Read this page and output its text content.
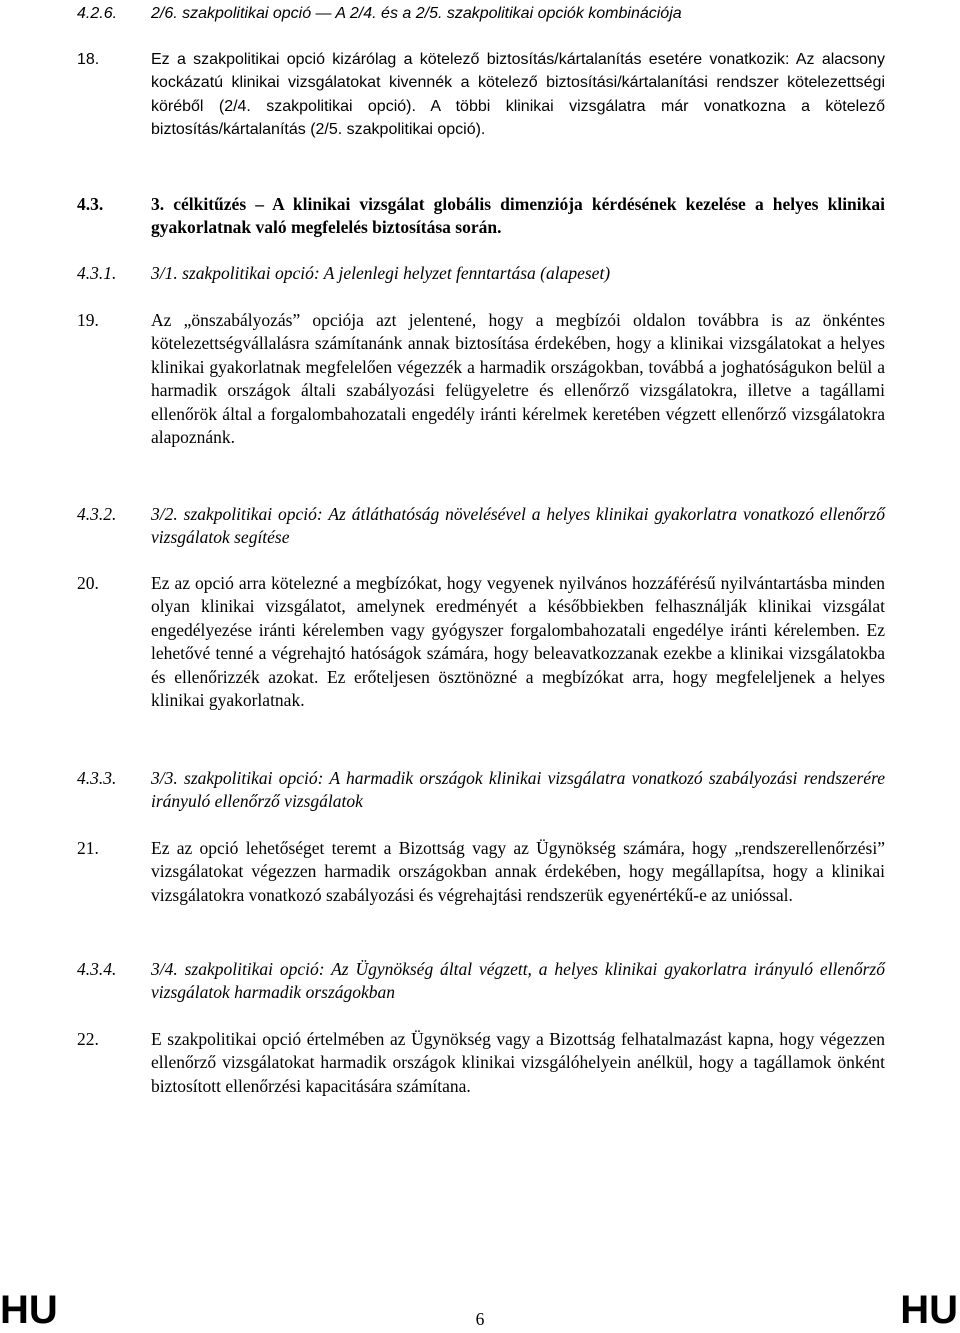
4.2.6. 2/6. szakpolitikai opció — A 2/4. és a 2/5. szakpolitikai opciók kombinációja
18.	Ez a szakpolitikai opció kizárólag a kötelező biztosítás/kártalanítás esetére vonatkozik: Az alacsony kockázatú klinikai vizsgálatokat kivennék a kötelező biztosítási/kártalanítási rendszer kötelezettségi köréből (2/4. szakpolitikai opció). A többi klinikai vizsgálatra már vonatkozna a kötelező biztosítás/kártalanítás (2/5. szakpolitikai opció).
4.3.	3. célkitűzés – A klinikai vizsgálat globális dimenziója kérdésének kezelése a helyes klinikai gyakorlatnak való megfelelés biztosítása során.
4.3.1. 3/1. szakpolitikai opció: A jelenlegi helyzet fenntartása (alapeset)
19.	Az „önszabályozás” opciója azt jelentené, hogy a megbízói oldalon továbbra is az önkéntes kötelezettségvállalásra számítanánk annak biztosítása érdekében, hogy a klinikai vizsgálatokat a helyes klinikai gyakorlatnak megfelelően végezzék a harmadik országokban, továbbá a joghatóságukon belül a harmadik országok általi szabályozási felügyeletre és ellenőrző vizsgálatokra, illetve a tagállami ellenőrök által a forgalombahozatali engedély iránti kérelmek keretében végzett ellenőrző vizsgálatokra alapoznánk.
4.3.2. 3/2. szakpolitikai opció: Az átláthatóság növelésével a helyes klinikai gyakorlatra vonatkozó ellenőrző vizsgálatok segítése
20.	Ez az opció arra kötelezné a megbízókat, hogy vegyenek nyilvános hozzáférésű nyilvántartásba minden olyan klinikai vizsgálatot, amelynek eredményét a későbbiekben felhasználják klinikai vizsgálat engedélyezése iránti kérelemben vagy gyógyszer forgalombahozatali engedélye iránti kérelemben. Ez lehetővé tenné a végrehajtó hatóságok számára, hogy beleavatkozzanak ezekbe a klinikai vizsgálatokba és ellenőrizzék azokat. Ez erőteljesen ösztönözné a megbízókat arra, hogy megfeleljenek a helyes klinikai gyakorlatnak.
4.3.3. 3/3. szakpolitikai opció: A harmadik országok klinikai vizsgálatra vonatkozó szabályozási rendszerére irányuló ellenőrző vizsgálatok
21.	Ez az opció lehetőséget teremt a Bizottság vagy az Ügynökség számára, hogy „rendszerellenőrzési” vizsgálatokat végezzen harmadik országokban annak érdekében, hogy megállapítsa, hogy a klinikai vizsgálatokra vonatkozó szabályozási és végrehajtási rendszerük egyenértékű-e az unióssal.
4.3.4. 3/4. szakpolitikai opció: Az Ügynökség által végzett, a helyes klinikai gyakorlatra irányuló ellenőrző vizsgálatok harmadik országokban
22.	E szakpolitikai opció értelmében az Ügynökség vagy a Bizottság felhatalmazást kapna, hogy végezzen ellenőrző vizsgálatokat harmadik országok klinikai vizsgálóhelyein anélkül, hogy a tagállamok önként biztosított ellenőrzési kapacitására számítana.
HU	6	HU
